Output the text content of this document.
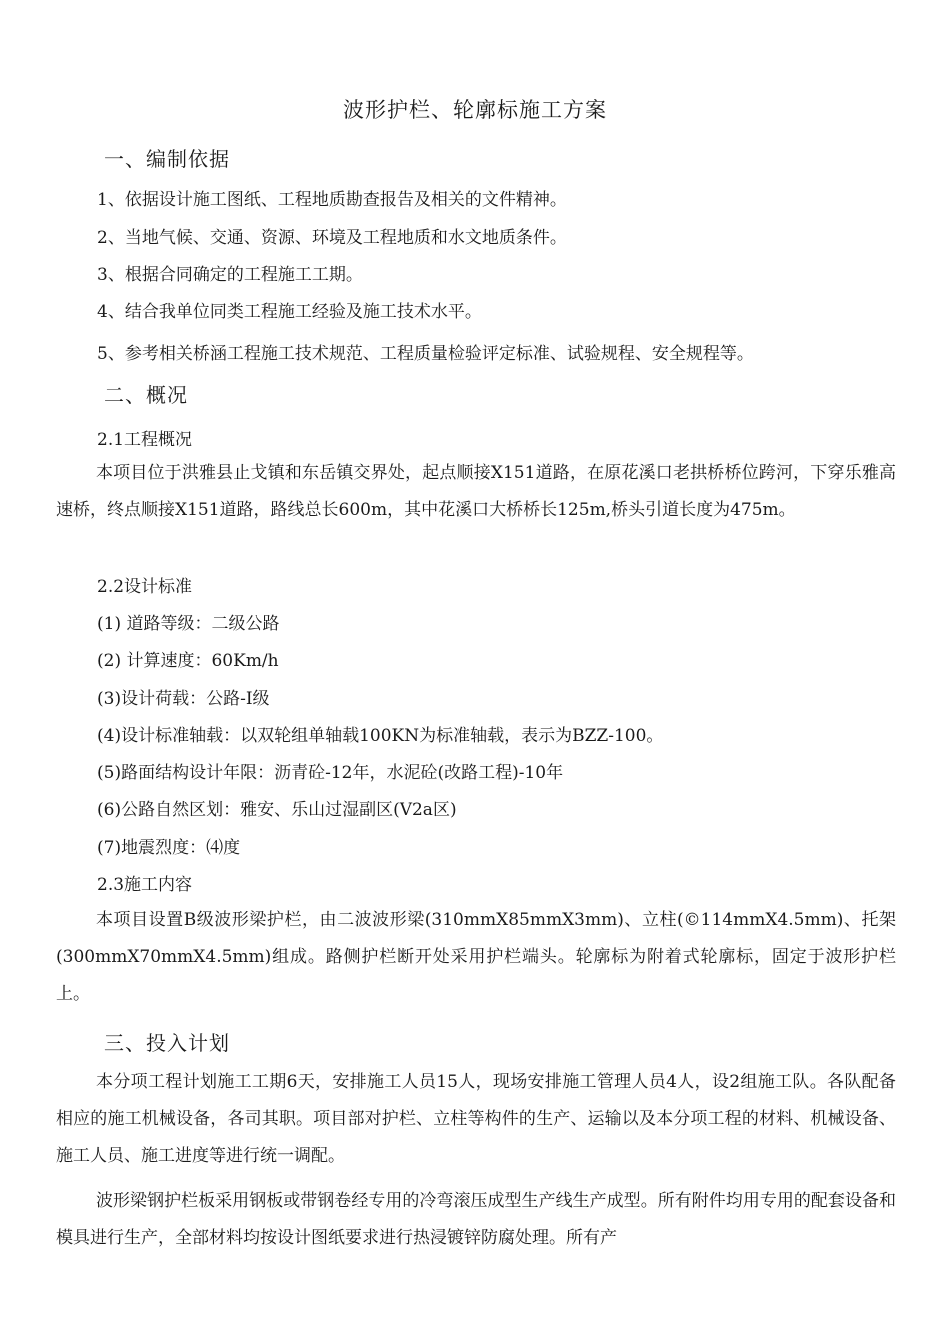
波形护栏、轮廓标施工方案
一、编制依据
1、依据设计施工图纸、工程地质勘查报告及相关的文件精神。
2、当地气候、交通、资源、环境及工程地质和水文地质条件。
3、根据合同确定的工程施工工期。
4、结合我单位同类工程施工经验及施工技术水平。
5、参考相关桥涵工程施工技术规范、工程质量检验评定标准、试验规程、安全规程等。
二、概况
2.1工程概况
本项目位于洪雅县止戈镇和东岳镇交界处，起点顺接X151道路，在原花溪口老拱桥桥位跨河，下穿乐雅高速桥，终点顺接X151道路，路线总长600m，其中花溪口大桥桥长125m,桥头引道长度为475m。
2.2设计标准
(1) 道路等级：二级公路
(2) 计算速度：60Km/h
(3)设计荷载：公路-I级
(4)设计标准轴载：以双轮组单轴载100KN为标准轴载，表示为BZZ-100。
(5)路面结构设计年限：沥青砼-12年，水泥砼(改路工程)-10年
(6)公路自然区划：雅安、乐山过湿副区(V2a区)
(7)地震烈度：⑷度
2.3施工内容
本项目设置B级波形梁护栏，由二波波形梁(310mmX85mmX3mm)、立柱(©114mmX4.5mm)、托架(300mmX70mmX4.5mm)组成。路侧护栏断开处采用护栏端头。轮廓标为附着式轮廓标，固定于波形护栏上。
三、投入计划
本分项工程计划施工工期6天，安排施工人员15人，现场安排施工管理人员4人，设2组施工队。各队配备相应的施工机械设备，各司其职。项目部对护栏、立柱等构件的生产、运输以及本分项工程的材料、机械设备、施工人员、施工进度等进行统一调配。
波形梁钢护栏板采用钢板或带钢卷经专用的冷弯滚压成型生产线生产成型。所有附件均用专用的配套设备和模具进行生产，全部材料均按设计图纸要求进行热浸镀锌防腐处理。所有产
